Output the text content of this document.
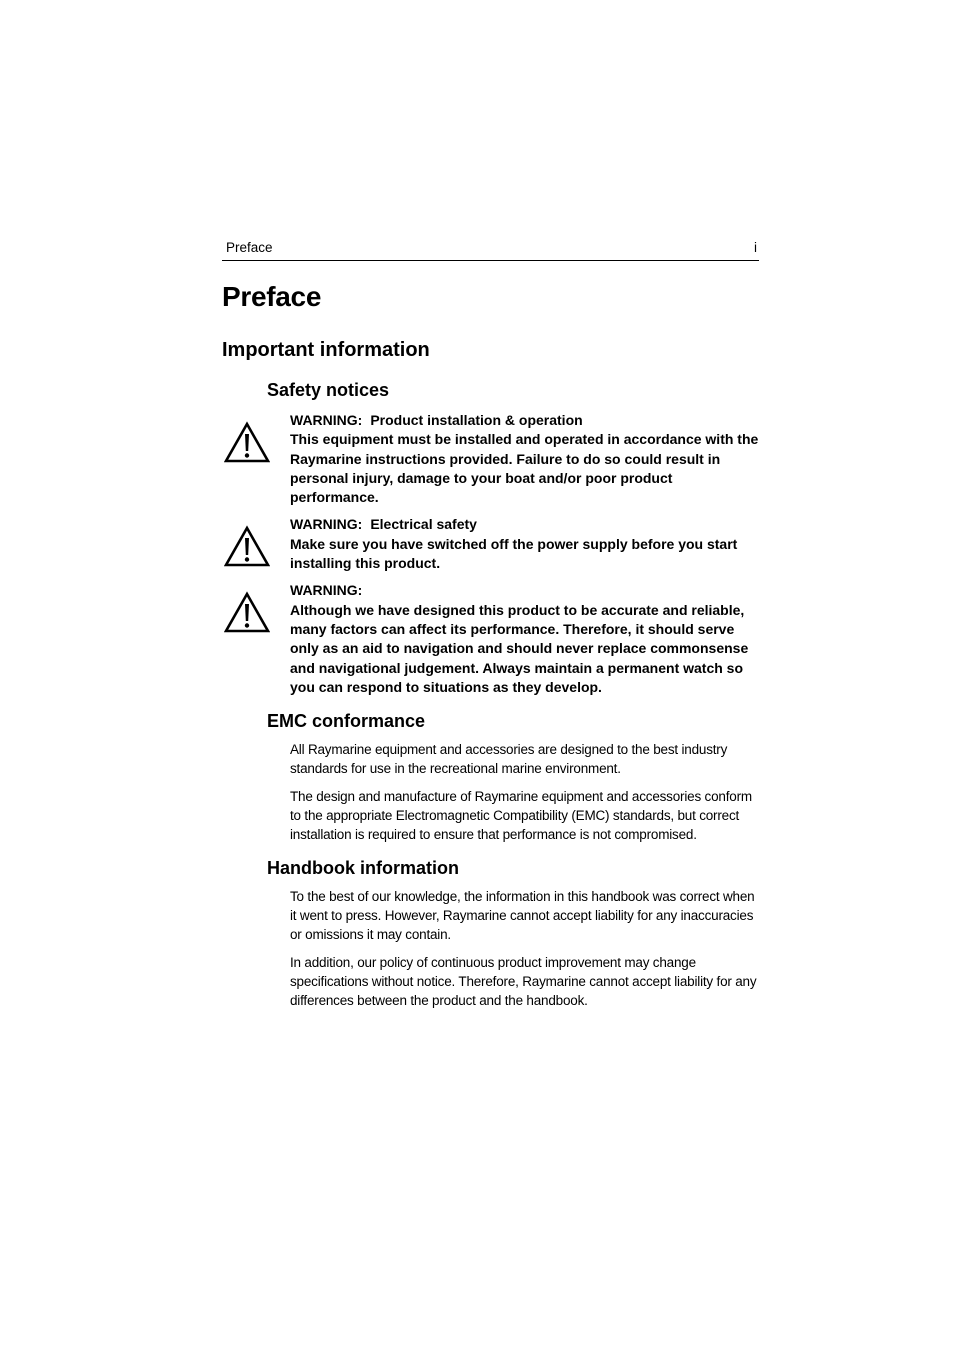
Preface	i
Preface
Important information
Safety notices
WARNING: Product installation & operation
This equipment must be installed and operated in accordance with the Raymarine instructions provided. Failure to do so could result in personal injury, damage to your boat and/or poor product performance.
WARNING: Electrical safety
Make sure you have switched off the power supply before you start installing this product.
WARNING:
Although we have designed this product to be accurate and reliable, many factors can affect its performance. Therefore, it should serve only as an aid to navigation and should never replace commonsense and navigational judgement. Always maintain a permanent watch so you can respond to situations as they develop.
EMC conformance

All Raymarine equipment and accessories are designed to the best industry standards for use in the recreational marine environment.

The design and manufacture of Raymarine equipment and accessories conform to the appropriate Electromagnetic Compatibility (EMC) standards, but correct installation is required to ensure that performance is not compromised.

Handbook information

To the best of our knowledge, the information in this handbook was correct when it went to press. However, Raymarine cannot accept liability for any inaccuracies or omissions it may contain.

In addition, our policy of continuous product improvement may change specifications without notice. Therefore, Raymarine cannot accept liability for any differences between the product and the handbook.
